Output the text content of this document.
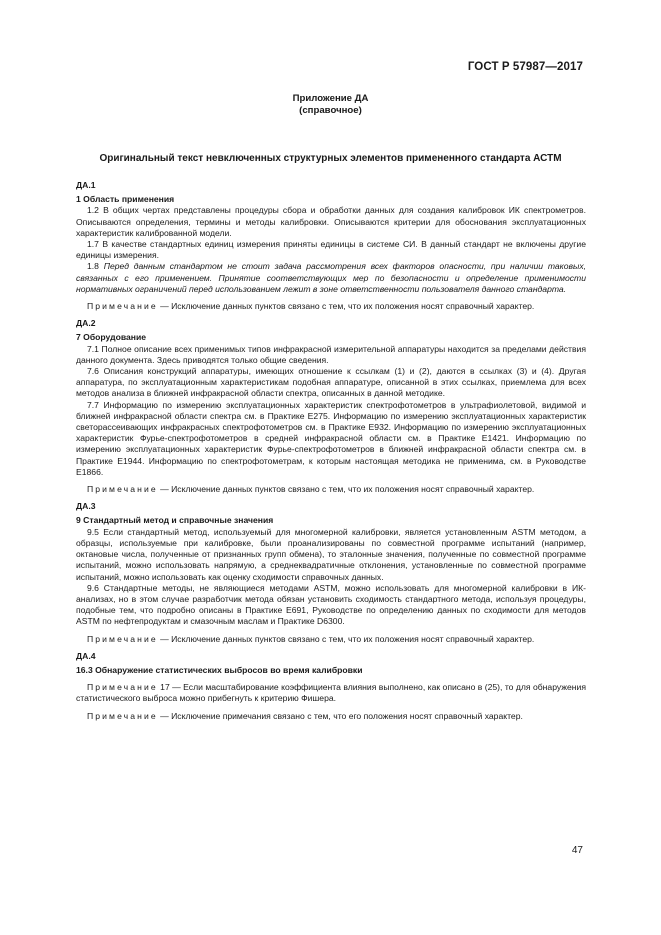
ГОСТ Р 57987—2017
Приложение ДА
(справочное)
Оригинальный текст невключенных структурных элементов примененного стандарта АСТМ
ДА.1
1 Область применения

1.2 В общих чертах представлены процедуры сбора и обработки данных для создания калибровок ИК спектрометров. Описываются определения, термины и методы калибровки. Описываются критерии для обоснования эксплуатационных характеристик калиброванной модели.

1.7 В качестве стандартных единиц измерения приняты единицы в системе СИ. В данный стандарт не включены другие единицы измерения.

1.8 Перед данным стандартом не стоит задача рассмотрения всех факторов опасности, при наличии таковых, связанных с его применением. Принятие соответствующих мер по безопасности и определение применимости нормативных ограничений перед использованием лежит в зоне ответственности пользователя данного стандарта.

Примечание — Исключение данных пунктов связано с тем, что их положения носят справочный характер.

ДА.2
7 Оборудование

7.1 Полное описание всех применимых типов инфракрасной измерительной аппаратуры находится за пределами действия данного документа. Здесь приводятся только общие сведения.

7.6 Описания конструкций аппаратуры, имеющих отношение к ссылкам (1) и (2), даются в ссылках (3) и (4). Другая аппаратура, по эксплуатационным характеристикам подобная аппаратуре, описанной в этих ссылках, приемлема для всех методов анализа в ближней инфракрасной области спектра, описанных в данной методике.

7.7 Информацию по измерению эксплуатационных характеристик спектрофотометров в ультрафиолетовой, видимой и ближней инфракрасной области спектра см. в Практике Е275. Информацию по измерению эксплуатационных характеристик светорассеивающих инфракрасных спектрофотометров см. в Практике Е932. Информацию по измерению эксплуатационных характеристик Фурье-спектрофотометров в средней инфракрасной области см. в Практике Е1421. Информацию по измерению эксплуатационных характеристик Фурье-спектрофотометров в ближней инфракрасной области спектра см. в Практике Е1944. Информацию по спектрофотометрам, к которым настоящая методика не применима, см. в Руководстве Е1866.

Примечание — Исключение данных пунктов связано с тем, что их положения носят справочный характер.

ДА.3
9 Стандартный метод и справочные значения

9.5 Если стандартный метод, используемый для многомерной калибровки, является установленным ASTM методом, а образцы, используемые при калибровке, были проанализированы по совместной программе испытаний (например, октановые числа, полученные от признанных групп обмена), то эталонные значения, полученные по совместной программе испытаний, можно использовать напрямую, а среднеквадратичные отклонения, установленные по совместной программе испытаний, можно использовать как оценку сходимости справочных данных.

9.6 Стандартные методы, не являющиеся методами ASTM, можно использовать для многомерной калибровки в ИК-анализах, но в этом случае разработчик метода обязан установить сходимость стандартного метода, используя процедуры, подобные тем, что подробно описаны в Практике Е691, Руководстве по определению данных по сходимости для методов ASTM по нефтепродуктам и смазочным маслам и Практике D6300.

Примечание — Исключение данных пунктов связано с тем, что их положения носят справочный характер.

ДА.4
16.3 Обнаружение статистических выбросов во время калибровки

Примечание 17 — Если масштабирование коэффициента влияния выполнено, как описано в (25), то для обнаружения статистического выброса можно прибегнуть к критерию Фишера.

Примечание — Исключение примечания связано с тем, что его положения носят справочный характер.

47
